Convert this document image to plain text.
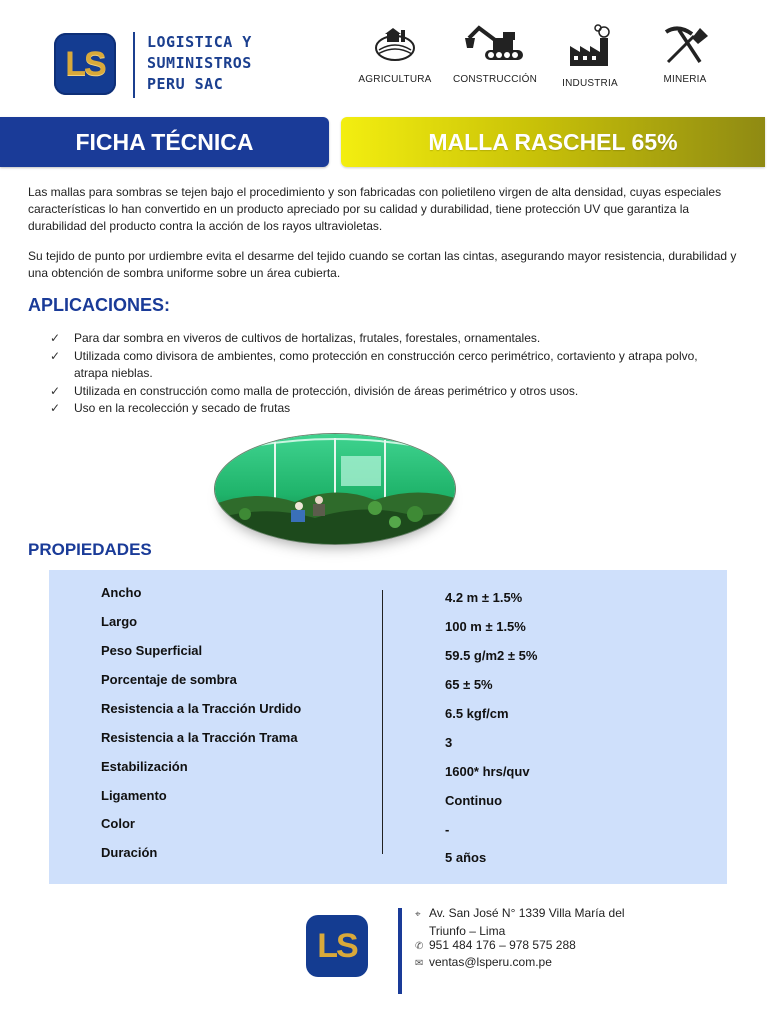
LS
LOGISTICA Y
SUMINISTROS
PERU SAC	AGRICULTURA	CONSTRUCCIÓN	INDUSTRIA	MINERIA
FICHA TÉCNICA	MALLA RASCHEL 65%
Las mallas para sombras se tejen bajo el procedimiento y son fabricadas con polietileno virgen de alta densidad, cuyas especiales características lo han convertido en un producto apreciado por su calidad y durabilidad, tiene protección UV que garantiza la durabilidad del producto contra la acción de los rayos ultravioletas.
Su tejido de punto por urdiembre evita el desarme del tejido cuando se cortan las cintas, asegurando mayor resistencia, durabilidad y una obtención de sombra uniforme sobre un área cubierta.
APLICACIONES:
✓ Para dar sombra en viveros de cultivos de hortalizas, frutales, forestales, ornamentales.
✓ Utilizada como divisora de ambientes, como protección en construcción cerco perimétrico, cortaviento y atrapa polvo, atrapa nieblas.
✓ Utilizada en construcción como malla de protección, división de áreas perimétrico y otros usos.
✓ Uso en la recolección y secado de frutas
PROPIEDADES
Ancho	4.2 m ± 1.5%
Largo	100 m ± 1.5%
Peso Superficial	59.5 g/m2 ± 5%
Porcentaje de sombra	65 ± 5%
Resistencia a la Tracción Urdido	6.5 kgf/cm
Resistencia a la Tracción Trama	3
Estabilización	1600* hrs/quv
Ligamento	Continuo
Color	-
Duración	5 años
LS
⌖ Av. San José N° 1339 Villa María del
Triunfo – Lima
✆ 951 484 176 – 978 575 288
✉ ventas@lsperu.com.pe
